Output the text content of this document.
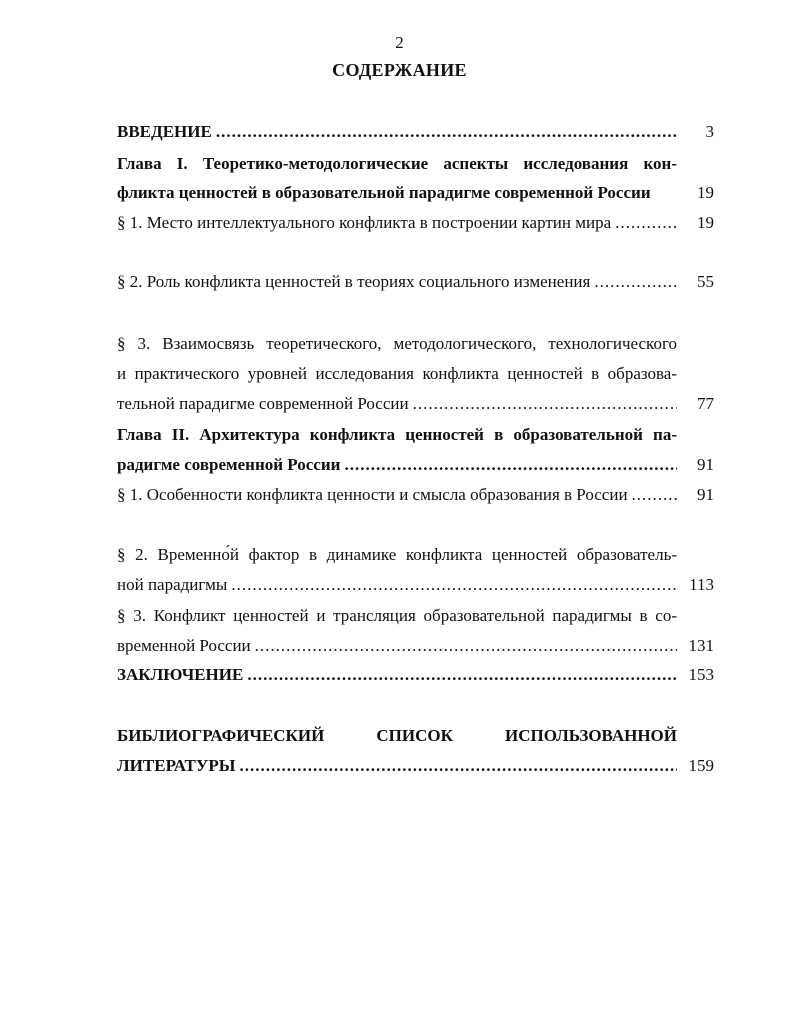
2
СОДЕРЖАНИЕ
ВВЕДЕНИЕ .....	3
Глава I. Теоретико-методологические аспекты исследования кон-
фликта ценностей в образовательной парадигме современной России	19
§ 1. Место интеллектуального конфликта в построении картин мира .....	19
§ 2. Роль конфликта ценностей в теориях социального изменения .....	55
§ 3. Взаимосвязь теоретического, методологического, технологического
и практического уровней исследования конфликта ценностей в образова-
тельной парадигме современной России .....	77
Глава II. Архитектура конфликта ценностей в образовательной па-
радигме современной России .....	91
§ 1. Особенности конфликта ценности и смысла образования в России .....	91
§ 2. Временно́й фактор в динамике конфликта ценностей образователь-
ной парадигмы .....	113
§ 3. Конфликт ценностей и трансляция образовательной парадигмы в со-
временной России .....	131
ЗАКЛЮЧЕНИЕ .....	153
БИБЛИОГРАФИЧЕСКИЙ СПИСОК ИСПОЛЬЗОВАННОЙ
ЛИТЕРАТУРЫ .....	159
